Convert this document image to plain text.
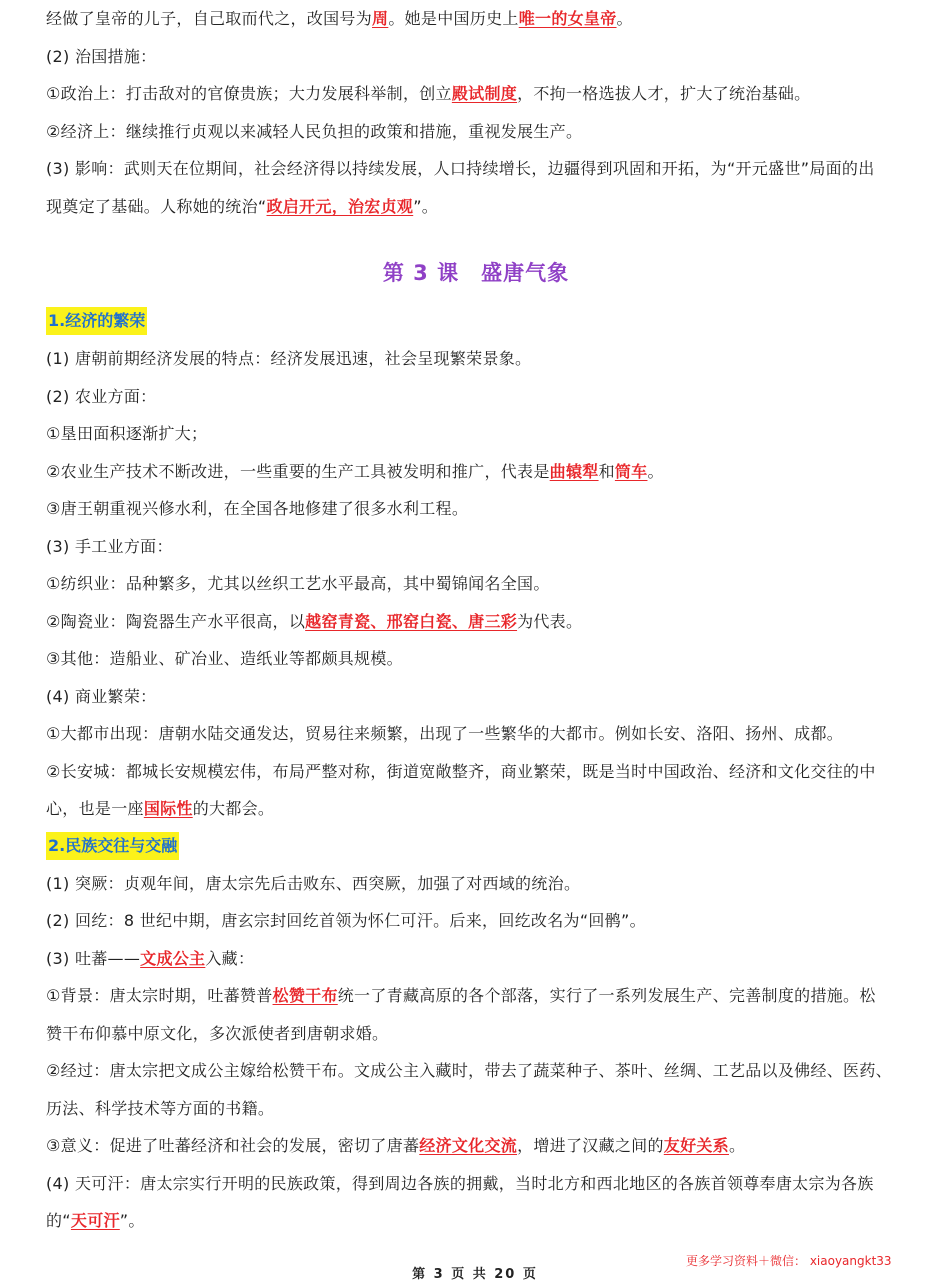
经做了皇帝的儿子，自己取而代之，改国号为周。她是中国历史上唯一的女皇帝。
(2) 治国措施：
①政治上：打击敌对的官僚贵族；大力发展科举制，创立殿试制度，不拘一格选拔人才，扩大了统治基础。
②经济上：继续推行贞观以来减轻人民负担的政策和措施，重视发展生产。
(3) 影响：武则天在位期间，社会经济得以持续发展，人口持续增长，边疆得到巩固和开拓，为“开元盛世”局面的出
现奠定了基础。人称她的统治“政启开元，治宏贞观”。
第 3 课　盛唐气象
1.经济的繁荣
(1) 唐朝前期经济发展的特点：经济发展迅速，社会呈现繁荣景象。
(2) 农业方面：
①垦田面积逐渐扩大；
②农业生产技术不断改进，一些重要的生产工具被发明和推广，代表是曲辕犁和筒车。
③唐王朝重视兴修水利，在全国各地修建了很多水利工程。
(3) 手工业方面：
①纺织业：品种繁多，尤其以丝织工艺水平最高，其中蜀锦闻名全国。
②陶瓷业：陶瓷器生产水平很高，以越窑青瓷、邢窑白瓷、唐三彩为代表。
③其他：造船业、矿冶业、造纸业等都颇具规模。
(4) 商业繁荣：
①大都市出现：唐朝水陆交通发达，贸易往来频繁，出现了一些繁华的大都市。例如长安、洛阳、扬州、成都。
②长安城：都城长安规模宏伟，布局严整对称，街道宽敞整齐，商业繁荣，既是当时中国政治、经济和文化交往的中
心，也是一座国际性的大都会。
2.民族交往与交融
(1) 突厥：贞观年间，唐太宗先后击败东、西突厥，加强了对西域的统治。
(2) 回纥：8 世纪中期，唐玄宗封回纥首领为怀仁可汗。后来，回纥改名为“回鹘”。
(3) 吐蕃——文成公主入藏：
①背景：唐太宗时期，吐蕃赞普松赞干布统一了青藏高原的各个部落，实行了一系列发展生产、完善制度的措施。松
赞干布仰慕中原文化，多次派使者到唐朝求婚。
②经过：唐太宗把文成公主嫁给松赞干布。文成公主入藏时，带去了蔬菜种子、茶叶、丝绸、工艺品以及佛经、医药、
历法、科学技术等方面的书籍。
③意义：促进了吐蕃经济和社会的发展，密切了唐蕃经济文化交流，增进了汉藏之间的友好关系。
(4) 天可汗：唐太宗实行开明的民族政策，得到周边各族的拥戴，当时北方和西北地区的各族首领尊奉唐太宗为各族
的“天可汗”。
更多学习资料＋微信： xiaoyangkt33
第 3 页 共 20 页
